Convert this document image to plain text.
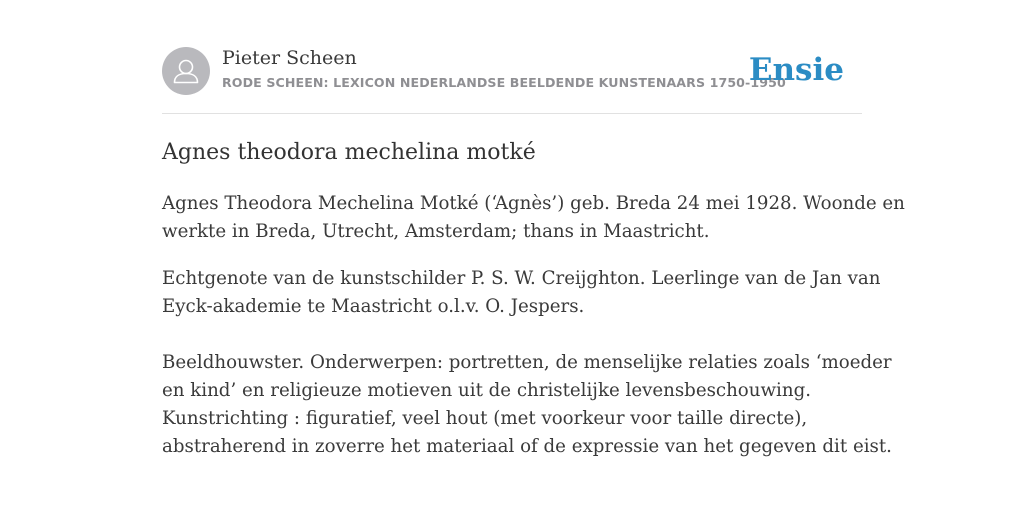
Pieter Scheen
RODE SCHEEN: LEXICON NEDERLANDSE BEELDENDE KUNSTENAARS 1750-1950
Ensie
Agnes theodora mechelina motké

Agnes Theodora Mechelina Motké (‘Agnès’) geb. Breda 24 mei 1928. Woonde en
werkte in Breda, Utrecht, Amsterdam; thans in Maastricht.

Echtgenote van de kunstschilder P. S. W. Creijghton. Leerlinge van de Jan van
Eyck-akademie te Maastricht o.l.v. O. Jespers.

Beeldhouwster. Onderwerpen: portretten, de menselijke relaties zoals ‘moeder
en kind’ en religieuze motieven uit de christelijke levensbeschouwing.
Kunstrichting : figuratief, veel hout (met voorkeur voor taille directe),
abstraherend in zoverre het materiaal of de expressie van het gegeven dit eist.
